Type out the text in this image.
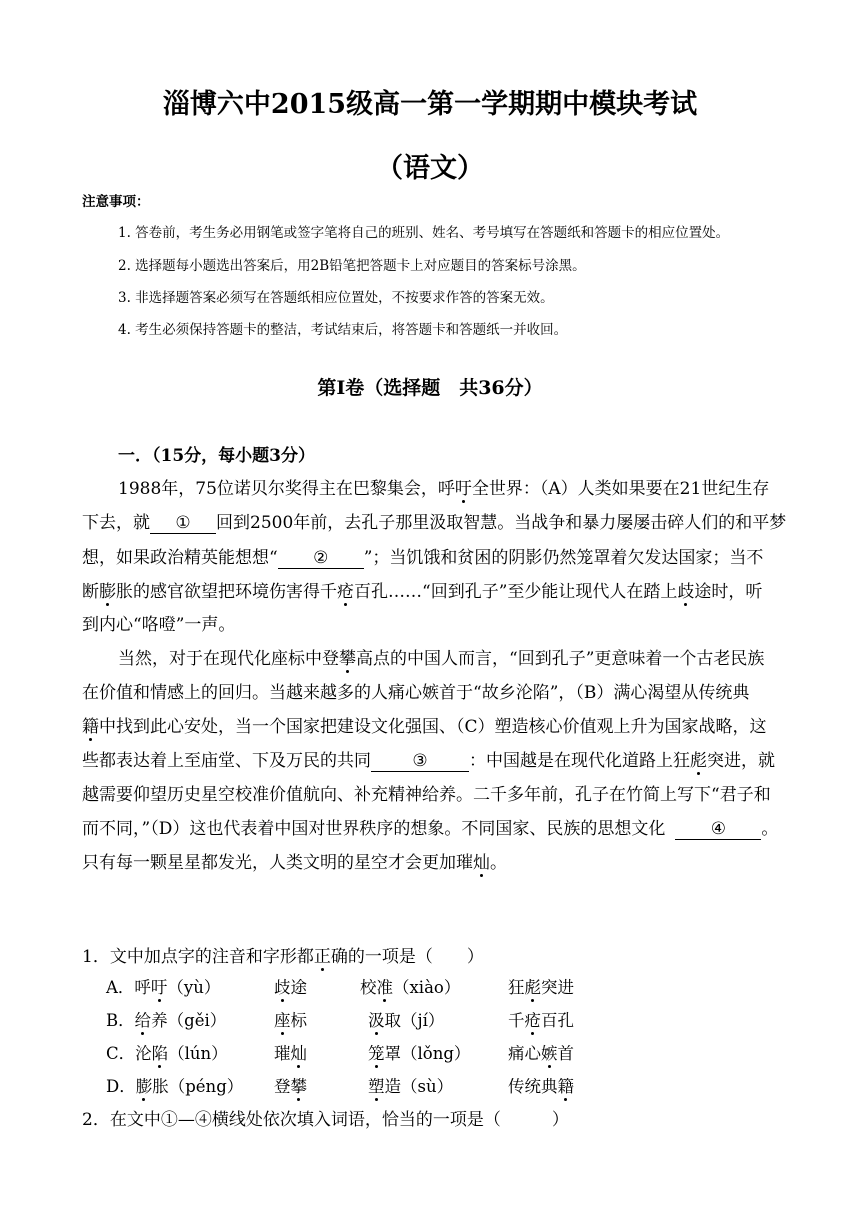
淄博六中2015级高一第一学期期中模块考试
（语文）
注意事项：
1. 答卷前，考生务必用钢笔或签字笔将自己的班别、姓名、考号填写在答题纸和答题卡的相应位置处。
2. 选择题每小题选出答案后，用2B铅笔把答题卡上对应题目的答案标号涂黑。
3. 非选择题答案必须写在答题纸相应位置处，不按要求作答的答案无效。
4. 考生必须保持答题卡的整洁，考试结束后，将答题卡和答题纸一并收回。
第Ⅰ卷（选择题　共36分）
一．（15分，每小题3分）
1988年，75位诺贝尔奖得主在巴黎集会，呼吁全世界：（A）人类如果要在21世纪生存
下去，就 ① 回到2500年前，去孔子那里汲取智慧。当战争和暴力屡屡击碎人们的和平梦
想，如果政治精英能想想“ ② ”；当饥饿和贫困的阴影仍然笼罩着欠发达国家；当不
断膨胀的感官欲望把环境伤害得千疮百孔……“回到孔子”至少能让现代人在踏上歧途时，听
到内心“咯噔”一声。
当然，对于在现代化座标中登攀高点的中国人而言，“回到孔子”更意味着一个古老民族
在价值和情感上的回归。当越来越多的人痛心嫉首于“故乡沦陷”，（B）满心渴望从传统典
籍中找到此心安处，当一个国家把建设文化强国、（C）塑造核心价值观上升为国家战略，这
些都表达着上至庙堂、下及万民的共同 ③ ：中国越是在现代化道路上狂彪突进，就
越需要仰望历史星空校准价值航向、补充精神给养。二千多年前，孔子在竹简上写下“君子和
而不同，”（D）这也代表着中国对世界秩序的想象。不同国家、民族的思想文化	④ 。
只有每一颗星星都发光，人类文明的星空才会更加璀灿。
1．文中加点字的注音和字形都正确的一项是（　　）
A．呼吁（yù）	歧途	校准（xiào）	狂彪突进
B．给养（gěi）	座标	汲取（jí）	千疮百孔
C．沦陷（lún）	璀灿	笼罩（lǒng） 痛心嫉首
D．膨胀（péng） 登攀	塑造（sù）	传统典籍
2．在文中①—④横线处依次填入词语，恰当的一项是（　　　）
